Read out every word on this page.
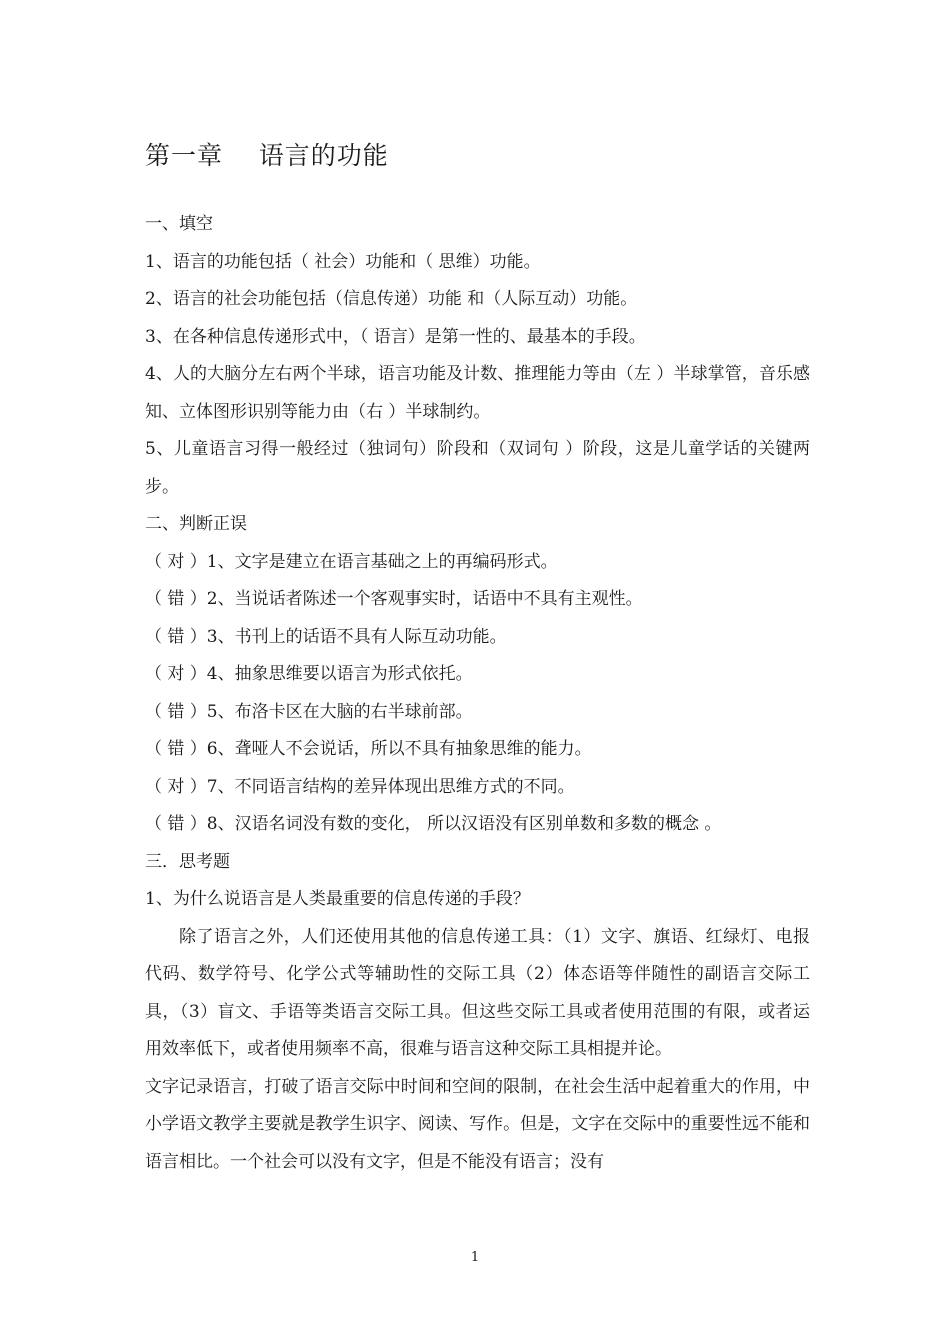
第一章    语言的功能
一、填空
1、语言的功能包括（ 社会）功能和（ 思维）功能。
2、语言的社会功能包括（信息传递）功能 和（人际互动）功能。
3、在各种信息传递形式中，（ 语言）是第一性的、最基本的手段。
4、人的大脑分左右两个半球，语言功能及计数、推理能力等由（左 ）半球掌管，音乐感知、立体图形识别等能力由（右 ）半球制约。
5、儿童语言习得一般经过（独词句）阶段和（双词句 ）阶段，这是儿童学话的关键两步。
二、判断正误
（ 对 ）1、文字是建立在语言基础之上的再编码形式。
（ 错 ）2、当说话者陈述一个客观事实时，话语中不具有主观性。
（ 错 ）3、书刊上的话语不具有人际互动功能。
（ 对 ）4、抽象思维要以语言为形式依托。
（ 错 ）5、布洛卡区在大脑的右半球前部。
（ 错 ）6、聋哑人不会说话，所以不具有抽象思维的能力。
（ 对 ）7、不同语言结构的差异体现出思维方式的不同。
（ 错 ）8、汉语名词没有数的变化， 所以汉语没有区别单数和多数的概念 。
三．思考题
1、为什么说语言是人类最重要的信息传递的手段？
除了语言之外，人们还使用其他的信息传递工具：（1）文字、旗语、红绿灯、电报代码、数学符号、化学公式等辅助性的交际工具（2）体态语等伴随性的副语言交际工具，（3）盲文、手语等类语言交际工具。但这些交际工具或者使用范围的有限，或者运用效率低下，或者使用频率不高，很难与语言这种交际工具相提并论。
文字记录语言，打破了语言交际中时间和空间的限制，在社会生活中起着重大的作用，中小学语文教学主要就是教学生识字、阅读、写作。但是，文字在交际中的重要性远不能和语言相比。一个社会可以没有文字，但是不能没有语言；没有
1
